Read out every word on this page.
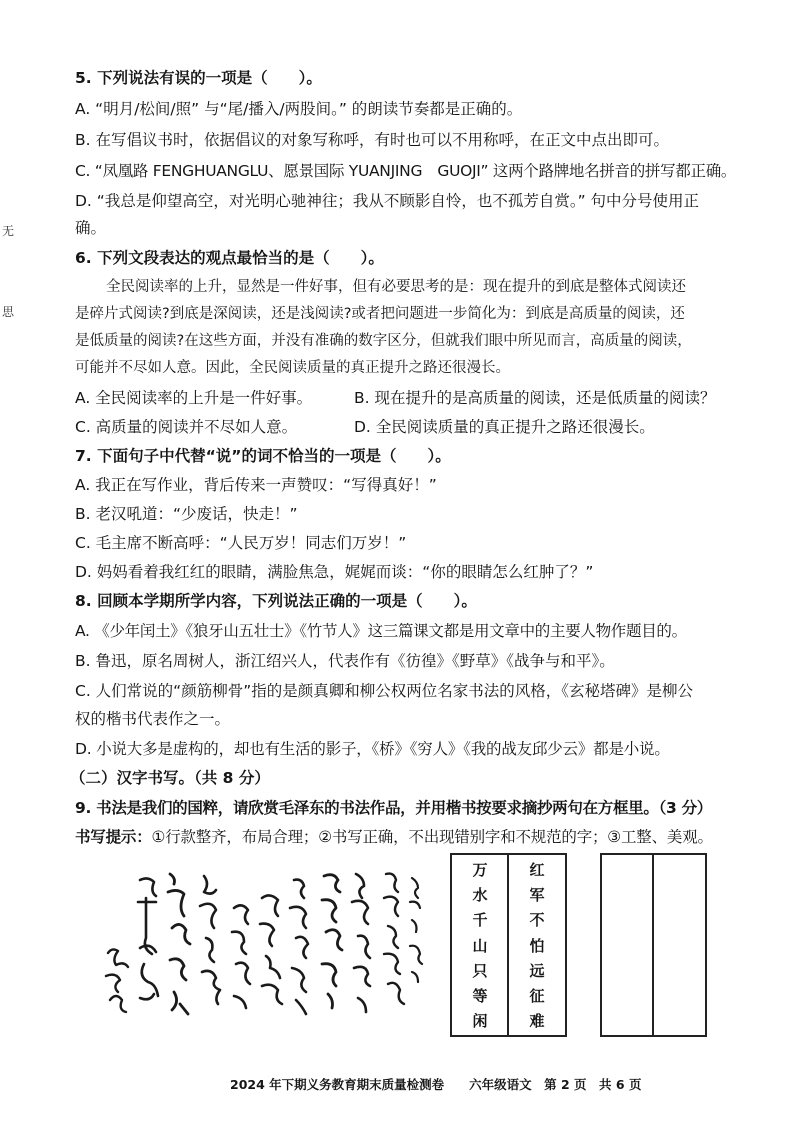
无
思
5. 下列说法有误的一项是（　　）。
A. “明月/松间/照” 与“尾/播入/两股间。” 的朗读节奏都是正确的。
B. 在写倡议书时，依据倡议的对象写称呼，有时也可以不用称呼，在正文中点出即可。
C. “凤凰路 FENGHUANGLU、愿景国际 YUANJING　GUOJI” 这两个路牌地名拼音的拼写都正确。
D. “我总是仰望高空，对光明心驰神往；我从不顾影自怜，也不孤芳自赏。” 句中分号使用正
确。
6. 下列文段表达的观点最恰当的是（　　）。
全民阅读率的上升，显然是一件好事，但有必要思考的是：现在提升的到底是整体式阅读还
是碎片式阅读?到底是深阅读，还是浅阅读?或者把问题进一步简化为：到底是高质量的阅读，还
是低质量的阅读?在这些方面，并没有准确的数字区分，但就我们眼中所见而言，高质量的阅读，
可能并不尽如人意。因此，全民阅读质量的真正提升之路还很漫长。
A. 全民阅读率的上升是一件好事。	B. 现在提升的是高质量的阅读，还是低质量的阅读？
C. 高质量的阅读并不尽如人意。	D. 全民阅读质量的真正提升之路还很漫长。
7. 下面句子中代替“说”的词不恰当的一项是（　　）。
A. 我正在写作业，背后传来一声赞叹：“写得真好！”
B. 老汉吼道：“少废话，快走！”
C. 毛主席不断高呼：“人民万岁！同志们万岁！”
D. 妈妈看着我红红的眼睛，满脸焦急，娓娓而谈：“你的眼睛怎么红肿了？”
8. 回顾本学期所学内容，下列说法正确的一项是（　　）。
A. 《少年闰土》《狼牙山五壮士》《竹节人》这三篇课文都是用文章中的主要人物作题目的。
B. 鲁迅，原名周树人，浙江绍兴人，代表作有《彷徨》《野草》《战争与和平》。
C. 人们常说的“颜筋柳骨”指的是颜真卿和柳公权两位名家书法的风格，《玄秘塔碑》是柳公
权的楷书代表作之一。
D. 小说大多是虚构的，却也有生活的影子，《桥》《穷人》《我的战友邱少云》都是小说。
（二）汉字书写。（共 8 分）
9. 书法是我们的国粹，请欣赏毛泽东的书法作品，并用楷书按要求摘抄两句在方框里。（3 分）
书写提示：①行款整齐，布局合理；②书写正确，不出现错别字和不规范的字；③工整、美观。
万
水
千
山
只
等
闲
红
军
不
怕
远
征
难
2024 年下期义务教育期末质量检测卷　　六年级语文　第 2 页　共 6 页
